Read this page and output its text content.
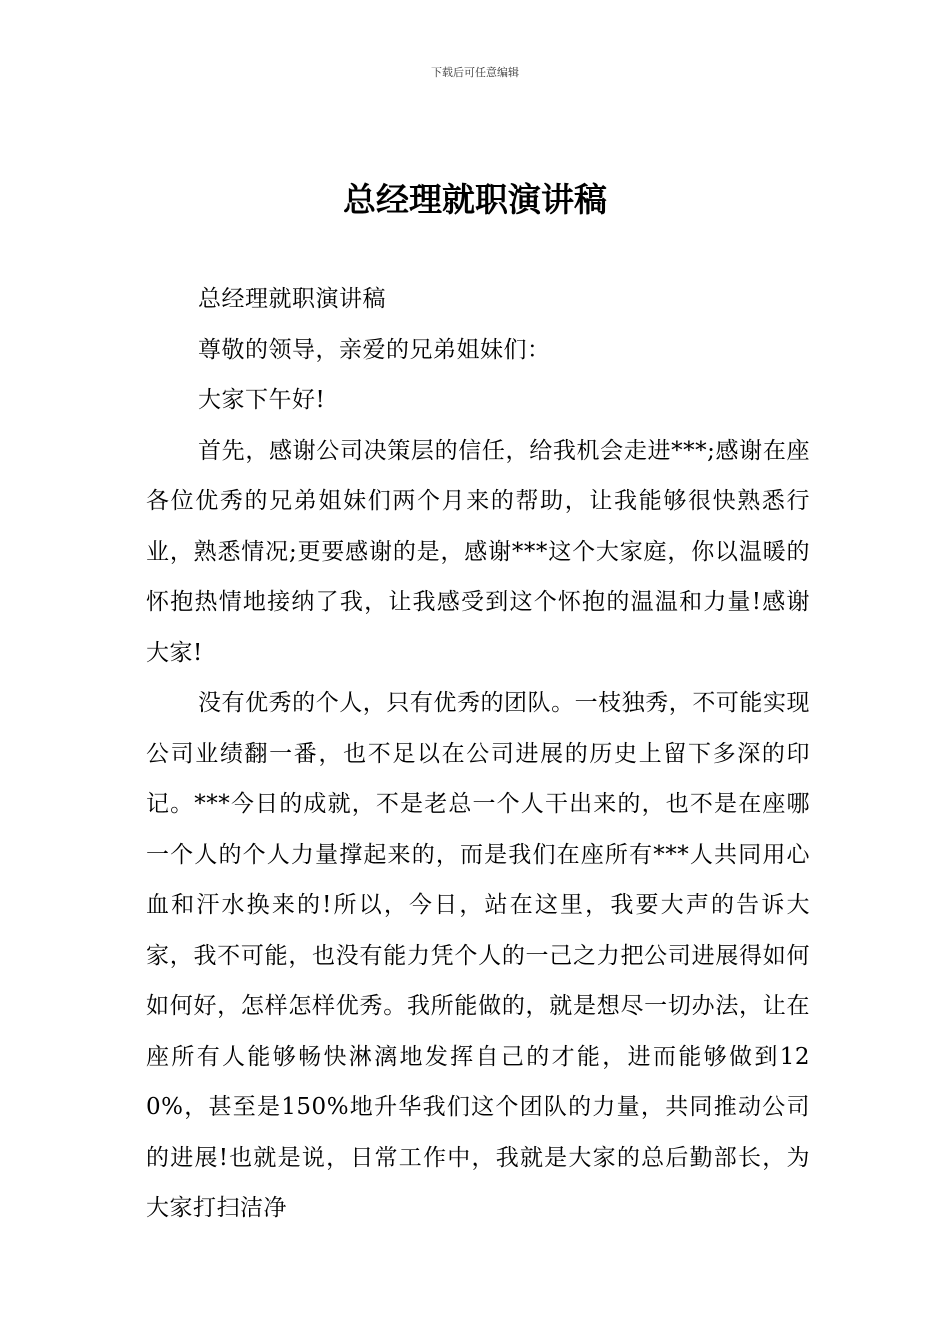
下载后可任意编辑
总经理就职演讲稿

总经理就职演讲稿

尊敬的领导，亲爱的兄弟姐妹们：

大家下午好!

首先，感谢公司决策层的信任，给我机会走进***;感谢在座各位优秀的兄弟姐妹们两个月来的帮助，让我能够很快熟悉行业，熟悉情况;更要感谢的是，感谢***这个大家庭，你以温暖的怀抱热情地接纳了我，让我感受到这个怀抱的温温和力量!感谢大家!

没有优秀的个人，只有优秀的团队。一枝独秀，不可能实现公司业绩翻一番，也不足以在公司进展的历史上留下多深的印记。***今日的成就，不是老总一个人干出来的，也不是在座哪一个人的个人力量撑起来的，而是我们在座所有***人共同用心血和汗水换来的!所以，今日，站在这里，我要大声的告诉大家，我不可能，也没有能力凭个人的一己之力把公司进展得如何如何好，怎样怎样优秀。我所能做的，就是想尽一切办法，让在座所有人能够畅快淋漓地发挥自己的才能，进而能够做到120%，甚至是150%地升华我们这个团队的力量，共同推动公司的进展!也就是说，日常工作中，我就是大家的总后勤部长，为大家打扫洁净
